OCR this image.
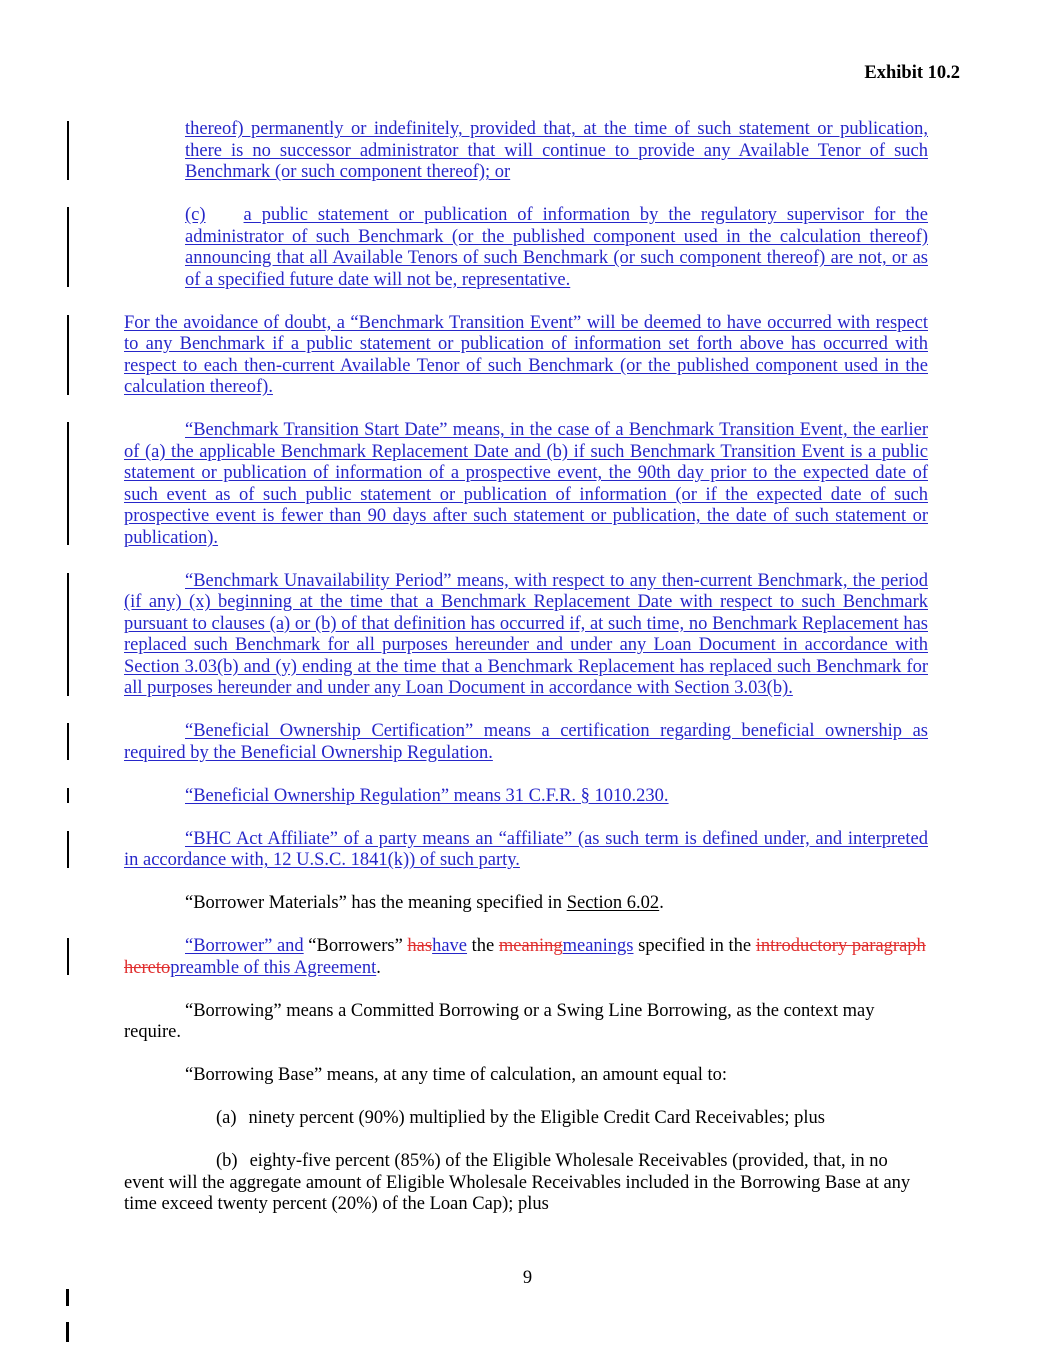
Exhibit 10.2

thereof) permanently or indefinitely, provided that, at the time of such statement or publication, there is no successor administrator that will continue to provide any Available Tenor of such Benchmark (or such component thereof); or

(c) a public statement or publication of information by the regulatory supervisor for the administrator of such Benchmark (or the published component used in the calculation thereof) announcing that all Available Tenors of such Benchmark (or such component thereof) are not, or as of a specified future date will not be, representative.

For the avoidance of doubt, a “Benchmark Transition Event” will be deemed to have occurred with respect to any Benchmark if a public statement or publication of information set forth above has occurred with respect to each then-current Available Tenor of such Benchmark (or the published component used in the calculation thereof).

“Benchmark Transition Start Date” means, in the case of a Benchmark Transition Event, the earlier of (a) the applicable Benchmark Replacement Date and (b) if such Benchmark Transition Event is a public statement or publication of information of a prospective event, the 90th day prior to the expected date of such event as of such public statement or publication of information (or if the expected date of such prospective event is fewer than 90 days after such statement or publication, the date of such statement or publication).

“Benchmark Unavailability Period” means, with respect to any then-current Benchmark, the period (if any) (x) beginning at the time that a Benchmark Replacement Date with respect to such Benchmark pursuant to clauses (a) or (b) of that definition has occurred if, at such time, no Benchmark Replacement has replaced such Benchmark for all purposes hereunder and under any Loan Document in accordance with Section 3.03(b) and (y) ending at the time that a Benchmark Replacement has replaced such Benchmark for all purposes hereunder and under any Loan Document in accordance with Section 3.03(b).

“Beneficial Ownership Certification” means a certification regarding beneficial ownership as required by the Beneficial Ownership Regulation.

“Beneficial Ownership Regulation” means 31 C.F.R. § 1010.230.

“BHC Act Affiliate” of a party means an “affiliate” (as such term is defined under, and interpreted in accordance with, 12 U.S.C. 1841(k)) of such party.

“Borrower Materials” has the meaning specified in Section 6.02.

“Borrower” and “Borrowers” hashave the meaningmeanings specified in the introductory paragraph heretopreamble of this Agreement.

“Borrowing” means a Committed Borrowing or a Swing Line Borrowing, as the context may require.

“Borrowing Base” means, at any time of calculation, an amount equal to:

(a) ninety percent (90%) multiplied by the Eligible Credit Card Receivables; plus

(b) eighty-five percent (85%) of the Eligible Wholesale Receivables (provided, that, in no event will the aggregate amount of Eligible Wholesale Receivables included in the Borrowing Base at any time exceed twenty percent (20%) of the Loan Cap); plus

9
